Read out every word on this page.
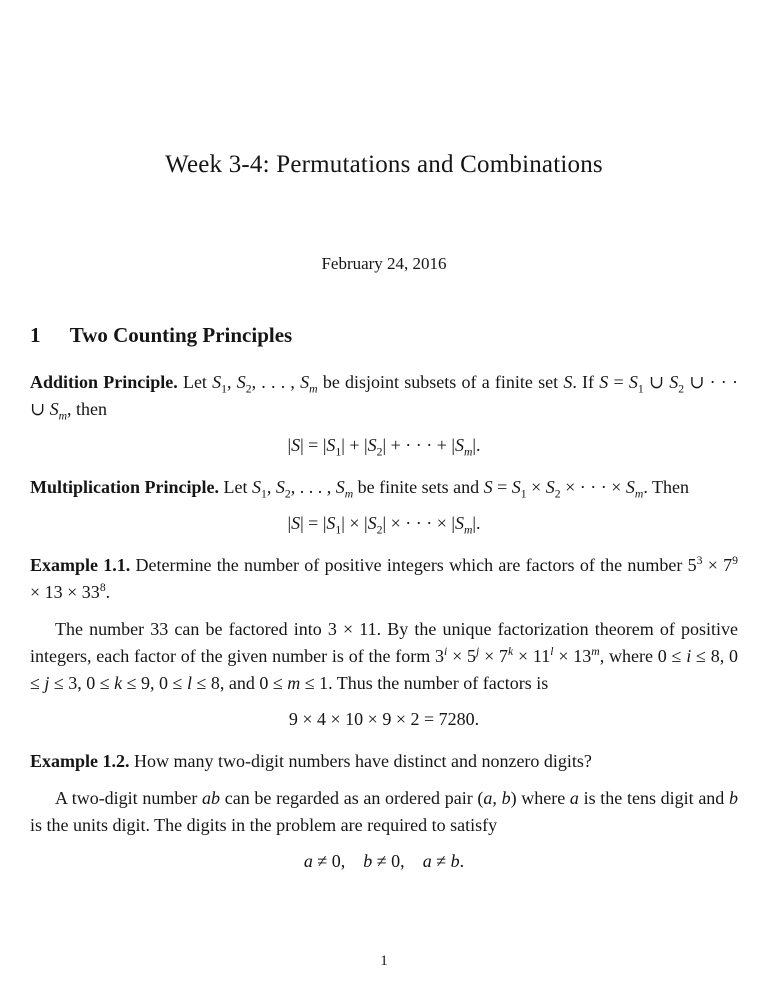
Week 3-4: Permutations and Combinations
February 24, 2016
1 Two Counting Principles

Addition Principle. Let $S_1$, $S_2$, . . . , $S_m$ be disjoint subsets of a finite set S. If $S = S_1$ ∪ $S_2$ ∪ · · · ∪ $S_m$, then

$|S| = |S_1| + |S_2|$ + · · · + $|S_m|$.

Multiplication Principle. Let $S_1$, $S_2$, . . . , $S_m$ be finite sets and $S = S_1 \times S_2$ × · · · × $S_m$. Then

$|S| = |S_1| \times |S_2|$ × · · · × $|S_m|$.

Example 1.1. Determine the number of positive integers which are factors of the number $5^3 \times 7^9 \times 13 \times 33^8$.

The number 33 can be factored into 3 × 11. By the unique factorization theorem of positive integers, each factor of the given number is of the form $3^i \times 5^j \times 7^k \times 11^l \times 13^m$, where 0 ≤ i ≤ 8, 0 ≤ j ≤ 3, 0 ≤ k ≤ 9, 0 ≤ l ≤ 8, and 0 ≤ m ≤ 1. Thus the number of factors is

9 × 4 × 10 × 9 × 2 = 7280.

Example 1.2. How many two-digit numbers have distinct and nonzero digits?

A two-digit number ab can be regarded as an ordered pair (a, b) where a is the tens digit and b is the units digit. The digits in the problem are required to satisfy

a ≠ 0, b ≠ 0, a ≠ b.
1
